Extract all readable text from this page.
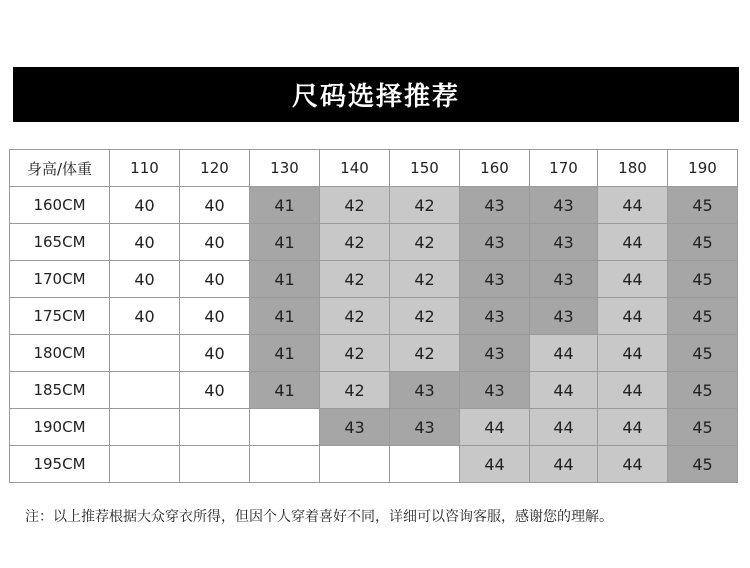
尺码选择推荐
身高/体重	110	120	130	140	150	160	170	180	190
160CM	40	40	41	42	42	43	43	44	45
165CM	40	40	41	42	42	43	43	44	45
170CM	40	40	41	42	42	43	43	44	45
175CM	40	40	41	42	42	43	43	44	45
180CM		40	41	42	42	43	44	44	45
185CM		40	41	42	43	43	44	44	45
190CM				43	43	44	44	44	45
195CM						44	44	44	45
注：以上推荐根据大众穿衣所得，但因个人穿着喜好不同，详细可以咨询客服，感谢您的理解。
